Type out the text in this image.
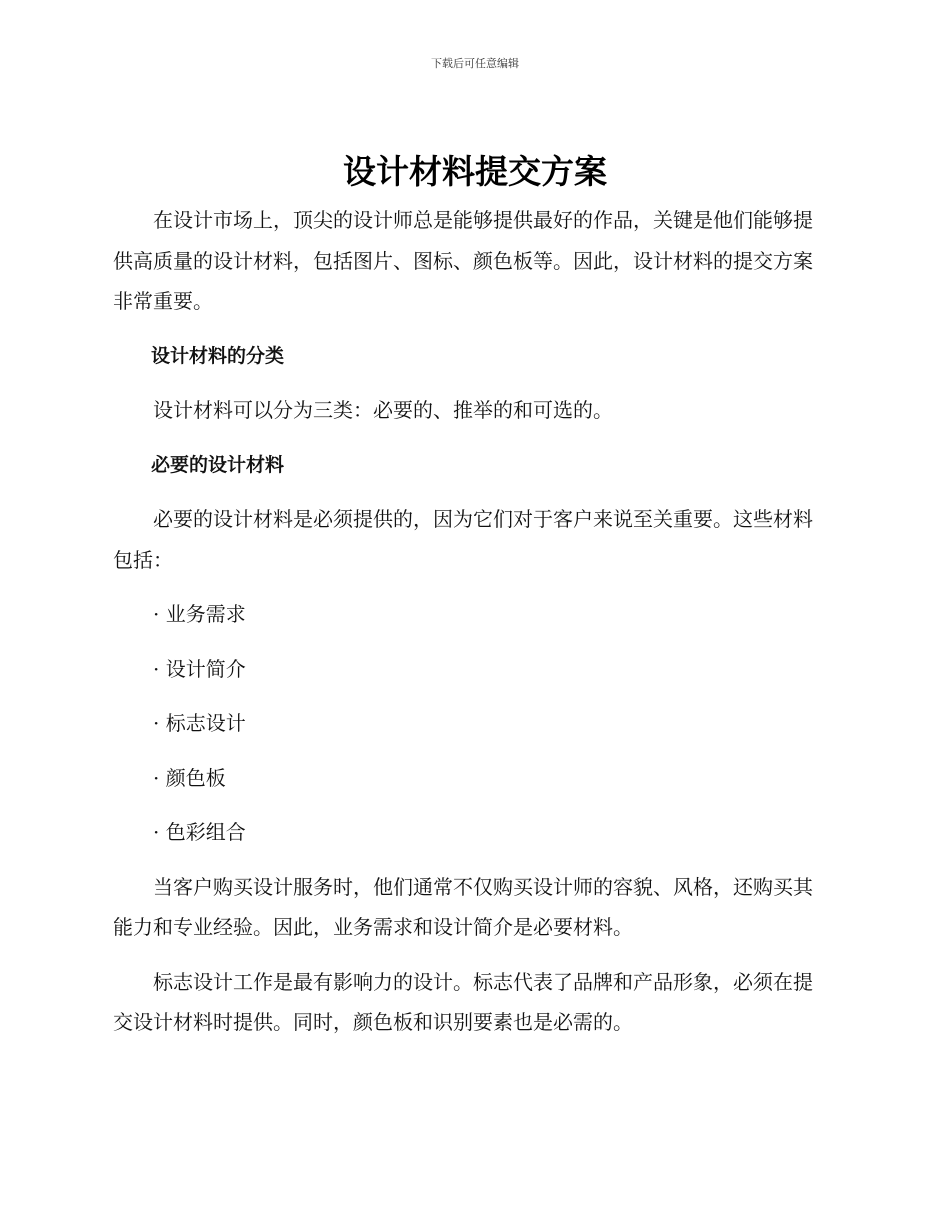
下载后可任意编辑
设计材料提交方案

在设计市场上，顶尖的设计师总是能够提供最好的作品，关键是他们能够提供高质量的设计材料，包括图片、图标、颜色板等。因此，设计材料的提交方案非常重要。

设计材料的分类

设计材料可以分为三类：必要的、推举的和可选的。

必要的设计材料

必要的设计材料是必须提供的，因为它们对于客户来说至关重要。这些材料包括：

· 业务需求

· 设计简介

· 标志设计

· 颜色板

· 色彩组合

当客户购买设计服务时，他们通常不仅购买设计师的容貌、风格，还购买其能力和专业经验。因此，业务需求和设计简介是必要材料。

标志设计工作是最有影响力的设计。标志代表了品牌和产品形象，必须在提交设计材料时提供。同时，颜色板和识别要素也是必需的。
